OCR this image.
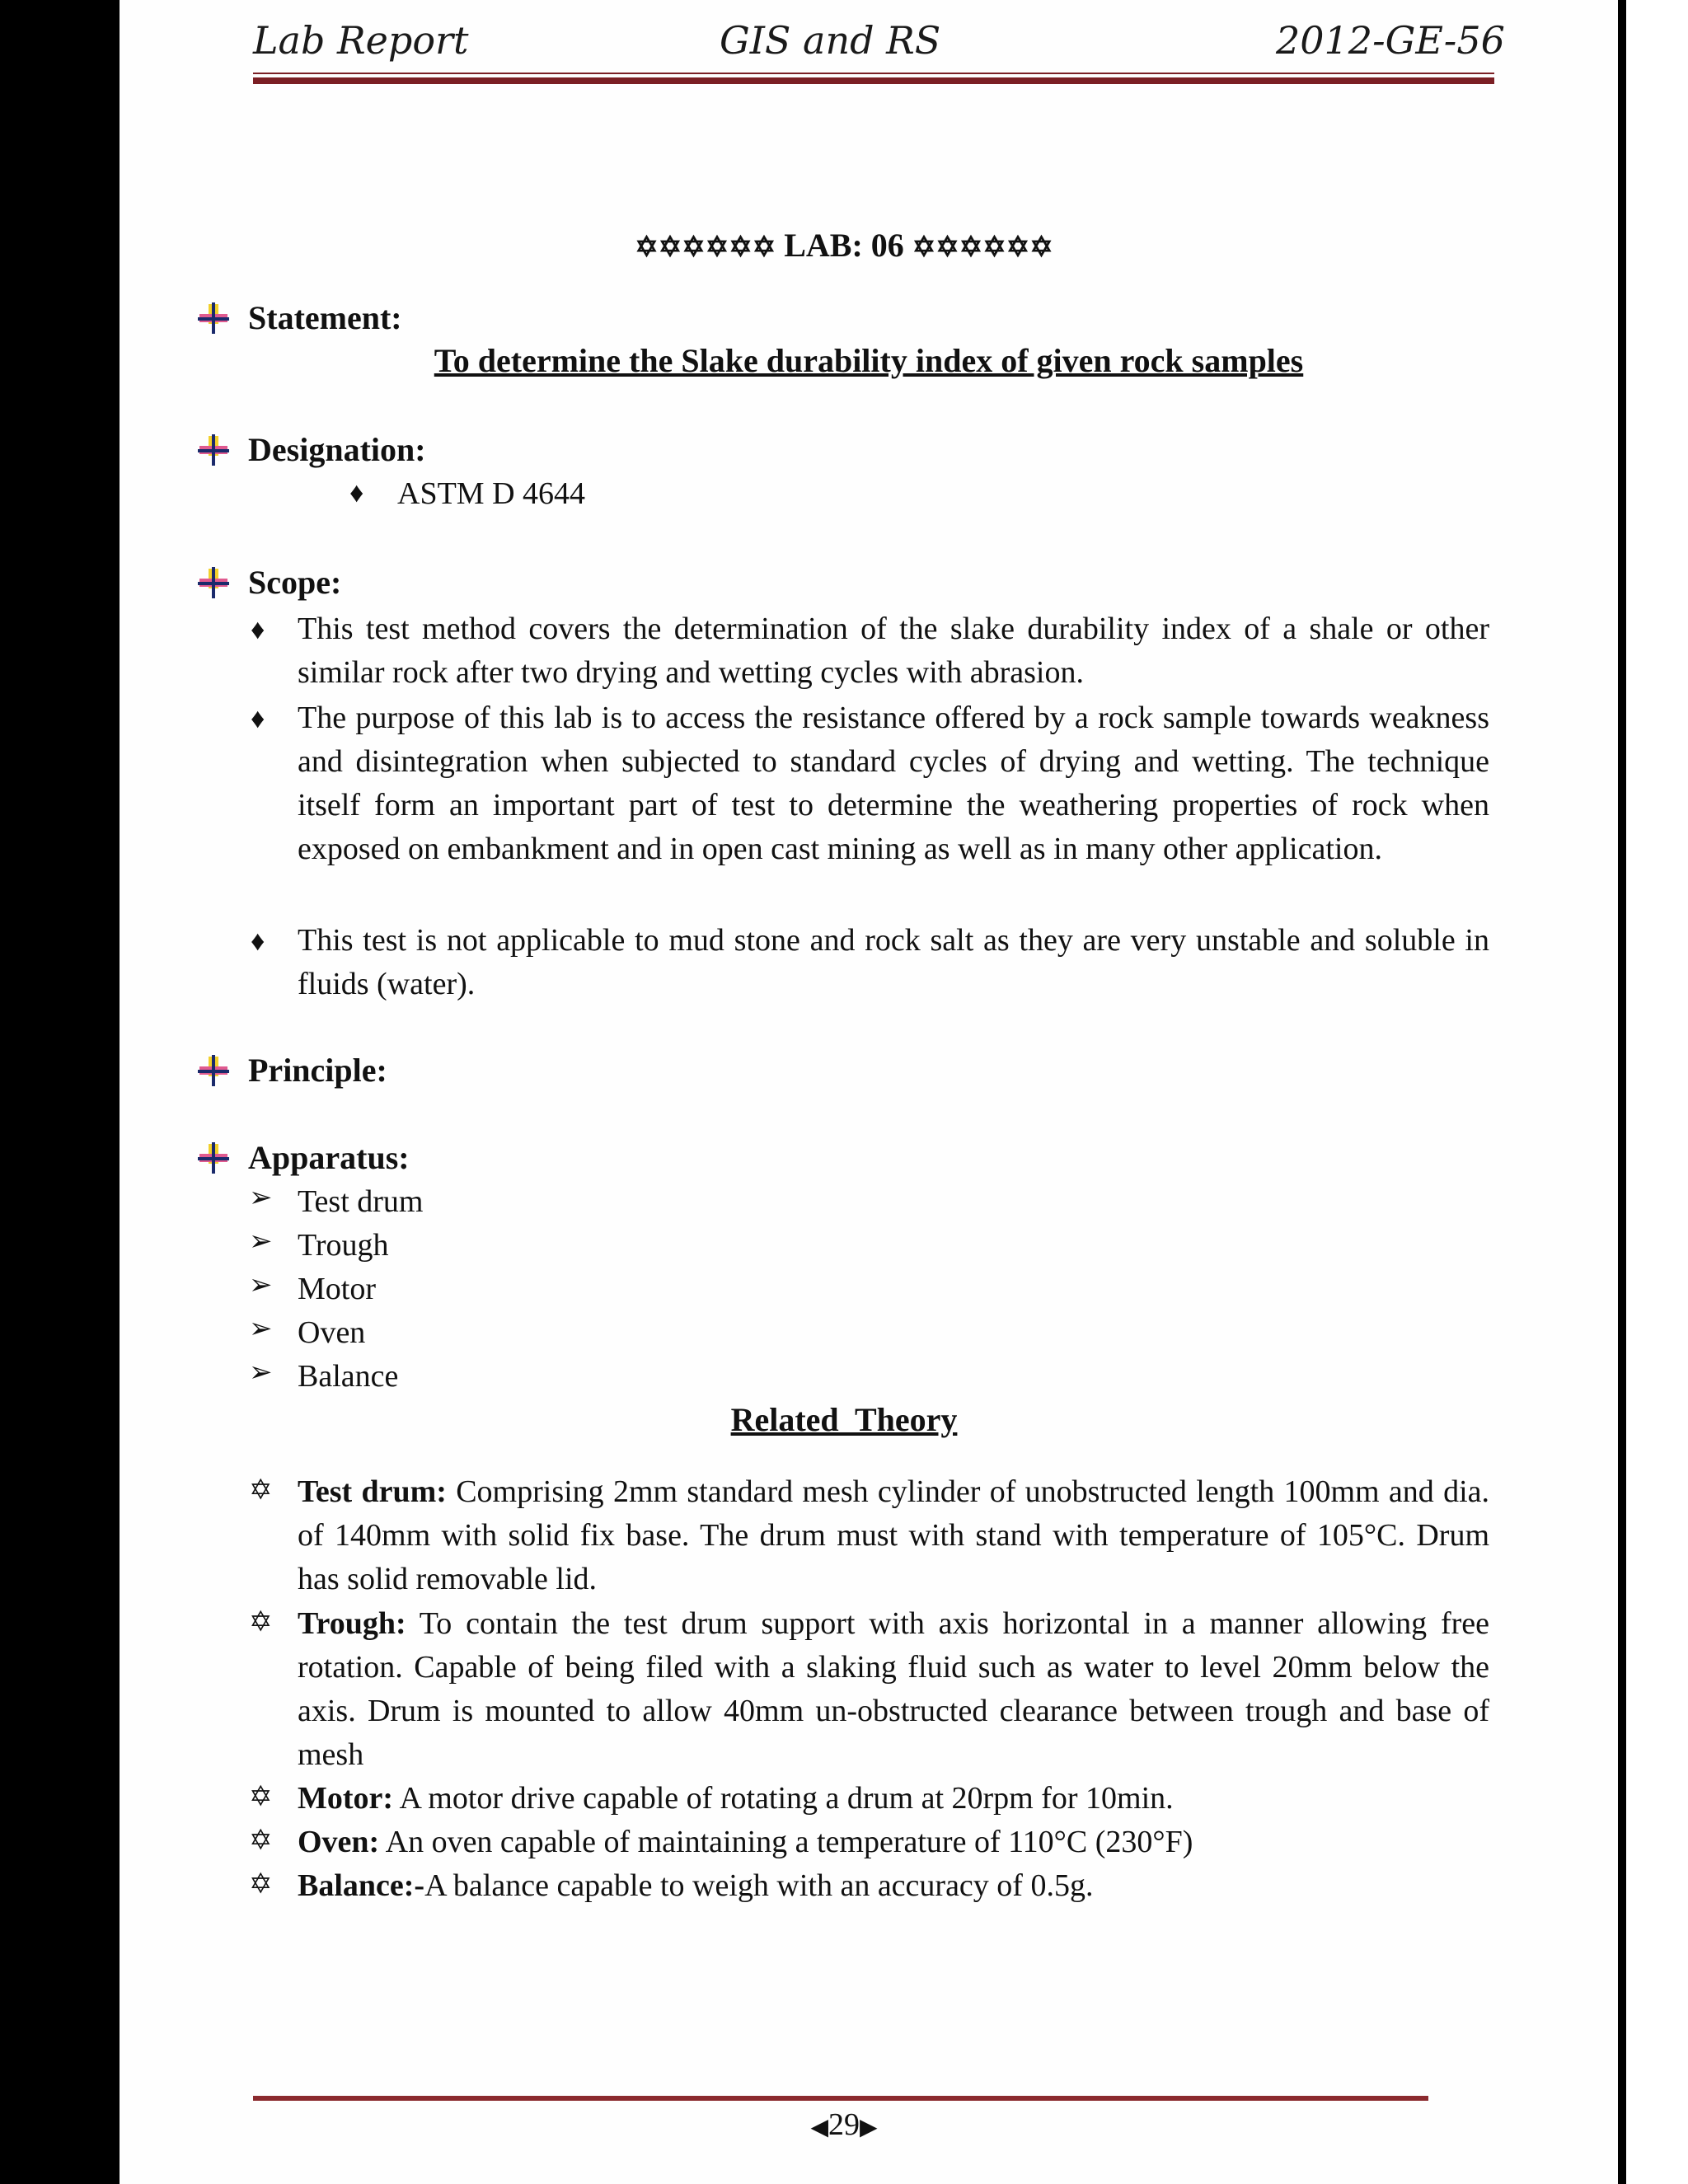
Lab Report	GIS and RS	2012-GE-56
✡✡✡✡✡✡ LAB: 06 ✡✡✡✡✡✡
Statement:
To determine the Slake durability index of given rock samples
Designation:
♦ ASTM D 4644
Scope:
♦ This test method covers the determination of the slake durability index of a shale or other similar rock after two drying and wetting cycles with abrasion.
♦ The purpose of this lab is to access the resistance offered by a rock sample towards weakness and disintegration when subjected to standard cycles of drying and wetting. The technique itself form an important part of test to determine the weathering properties of rock when exposed on embankment and in open cast mining as well as in many other application.
♦ This test is not applicable to mud stone and rock salt as they are very unstable and soluble in fluids (water).
Principle:
Apparatus:
➢ Test drum
➢ Trough
➢ Motor
➢ Oven
➢ Balance
Related  Theory
✡ Test drum: Comprising 2mm standard mesh cylinder of unobstructed length 100mm and dia. of 140mm with solid fix base. The drum must with stand with temperature of 105°C. Drum has solid removable lid.
✡ Trough: To contain the test drum support with axis horizontal in a manner allowing free rotation. Capable of being filed with a slaking fluid such as water to level 20mm below the axis. Drum is mounted to allow 40mm un-obstructed clearance between trough and base of mesh
✡ Motor: A motor drive capable of rotating a drum at 20rpm for 10min.
✡ Oven: An oven capable of maintaining a temperature of 110°C (230°F)
✡ Balance:-A balance capable to weigh with an accuracy of 0.5g.
◀29▶
